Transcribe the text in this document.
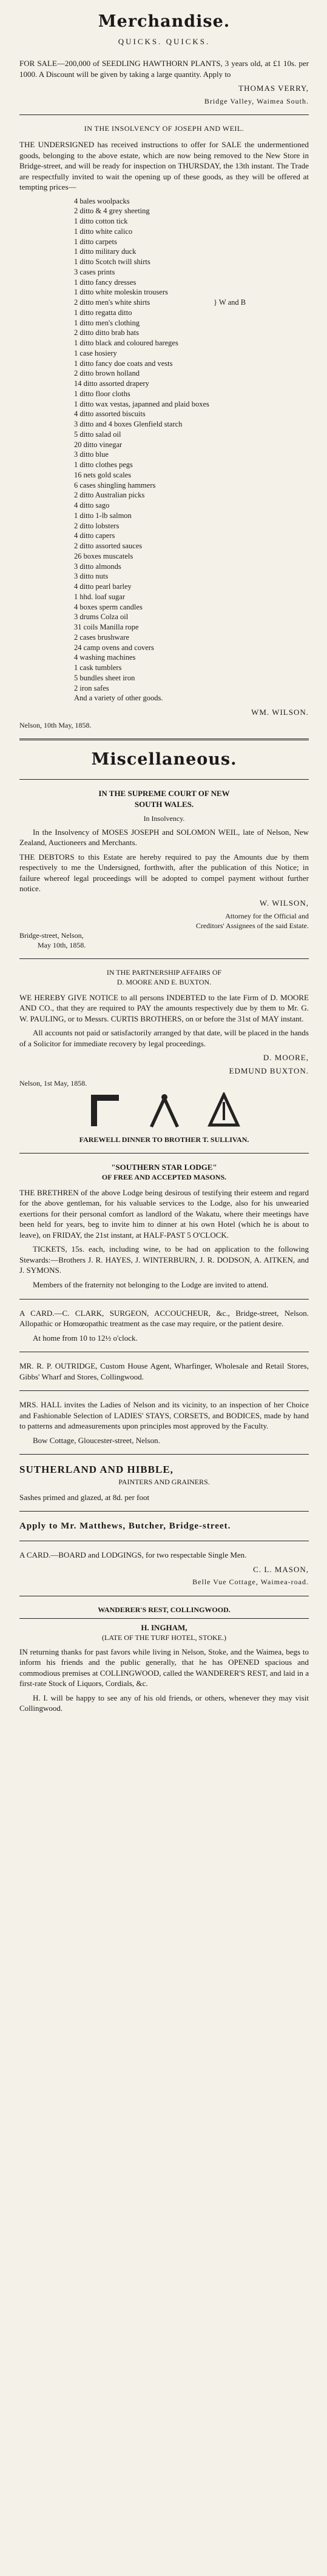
Merchandise.
QUICKS. QUICKS.

FOR SALE—200,000 of SEEDLING HAWTHORN PLANTS, 3 years old, at £1 10s. per 1000. A Discount will be given by taking a large quantity. Apply to

THOMAS VERRY,
Bridge Valley, Waimea South.
IN THE INSOLVENCY OF JOSEPH AND WEIL.

THE UNDERSIGNED has received instructions to offer for SALE the undermentioned goods, belonging to the above estate, which are now being removed to the New Store in Bridge-street, and will be ready for inspection on THURSDAY, the 13th instant. The Trade are respectfully invited to wait the opening up of these goods, as they will be offered at tempting prices—

4 bales woolpacks
2 ditto & 4 grey sheeting
1 ditto cotton tick
1 ditto white calico
1 ditto carpets
1 ditto military duck
1 ditto Scotch twill shirts
3 cases prints
1 ditto fancy dresses
1 ditto white moleskin trousers
2 ditto men's white shirts
1 ditto regatta ditto
1 ditto men's clothing
2 ditto ditto brab hats
1 ditto black and coloured bareges
1 case hosiery
1 ditto fancy doe coats and vests
2 ditto brown holland
14 ditto assorted drapery
1 ditto floor cloths
1 ditto wax vestas, japanned and plaid boxes
4 ditto assorted biscuits
3 ditto and 4 boxes Glenfield starch
5 ditto salad oil
20 ditto vinegar
3 ditto blue
1 ditto clothes pegs
16 nets gold scales
6 cases shingling hammers
2 ditto Australian picks
4 ditto sago
1 ditto 1-lb salmon
2 ditto lobsters
4 ditto capers
2 ditto assorted sauces
26 boxes muscatels
3 ditto almonds
3 ditto nuts
4 ditto pearl barley
1 hhd. loaf sugar
4 boxes sperm candles
3 drums Colza oil
31 coils Manilla rope
2 cases brushware
24 camp ovens and covers
4 washing machines
1 cask tumblers
5 bundles sheet iron
2 iron safes
And a variety of other goods.
} W and B
WM. WILSON.
Nelson, 10th May, 1858.
Miscellaneous.
IN THE SUPREME COURT OF NEW
SOUTH WALES.
In Insolvency.

In the Insolvency of MOSES JOSEPH and SOLOMON WEIL, late of Nelson, New Zealand, Auctioneers and Merchants.

THE DEBTORS to this Estate are hereby required to pay the Amounts due by them respectively to me the Undersigned, forthwith, after the publication of this Notice; in failure whereof legal proceedings will be adopted to compel payment without further notice.

W. WILSON,
Attorney for the Official and
Creditors' Assignees of the said Estate.
Bridge-street, Nelson,
May 10th, 1858.
IN THE PARTNERSHIP AFFAIRS OF
D. MOORE AND E. BUXTON.

WE HEREBY GIVE NOTICE to all persons INDEBTED to the late Firm of D. MOORE AND CO., that they are required to PAY the amounts respectively due by them to Mr. G. W. PAULING, or to Messrs. CURTIS BROTHERS, on or before the 31st of MAY instant.

All accounts not paid or satisfactorily arranged by that date, will be placed in the hands of a Solicitor for immediate recovery by legal proceedings.

D. MOORE,
EDMUND BUXTON.
Nelson, 1st May, 1858.
FAREWELL DINNER TO BROTHER T. SULLIVAN.
"SOUTHERN STAR LODGE"
OF FREE AND ACCEPTED MASONS.

THE BRETHREN of the above Lodge being desirous of testifying their esteem and regard for the above gentleman, for his valuable services to the Lodge, also for his unwearied exertions for their personal comfort as landlord of the Wakatu, where their meetings have been held for years, beg to invite him to dinner at his own Hotel (which he is about to leave), on FRIDAY, the 21st instant, at HALF-PAST 5 O'CLOCK.

TICKETS, 15s. each, including wine, to be had on application to the following Stewards:—Brothers J. R. HAYES, J. WINTERBURN, J. R. DODSON, A. AITKEN, and J. SYMONS.

Members of the fraternity not belonging to the Lodge are invited to attend.

A CARD.—C. CLARK, SURGEON, ACCOUCHEUR, &c., Bridge-street, Nelson. Allopathic or Homœopathic treatment as the case may require, or the patient desire.

At home from 10 to 12½ o'clock.

MR. R. P. OUTRIDGE, Custom House Agent, Wharfinger, Wholesale and Retail Stores, Gibbs' Wharf and Stores, Collingwood.

MRS. HALL invites the Ladies of Nelson and its vicinity, to an inspection of her Choice and Fashionable Selection of LADIES' STAYS, CORSETS, and BODICES, made by hand to patterns and admeasurements upon principles most approved by the Faculty.

Bow Cottage, Gloucester-street, Nelson.

SUTHERLAND AND HIBBLE,
PAINTERS AND GRAINERS.

Sashes primed and glazed, at 8d. per foot

Apply to Mr. Matthews, Butcher, Bridge-street.

A CARD.—BOARD and LODGINGS, for two respectable Single Men.

C. L. MASON,
Belle Vue Cottage, Waimea-road.
WANDERER'S REST, COLLINGWOOD.
H. INGHAM,
(LATE OF THE TURF HOTEL, STOKE.)

IN returning thanks for past favors while living in Nelson, Stoke, and the Waimea, begs to inform his friends and the public generally, that he has OPENED spacious and commodious premises at COLLINGWOOD, called the WANDERER'S REST, and laid in a first-rate Stock of Liquors, Cordials, &c.

H. I. will be happy to see any of his old friends, or others, whenever they may visit Collingwood.
